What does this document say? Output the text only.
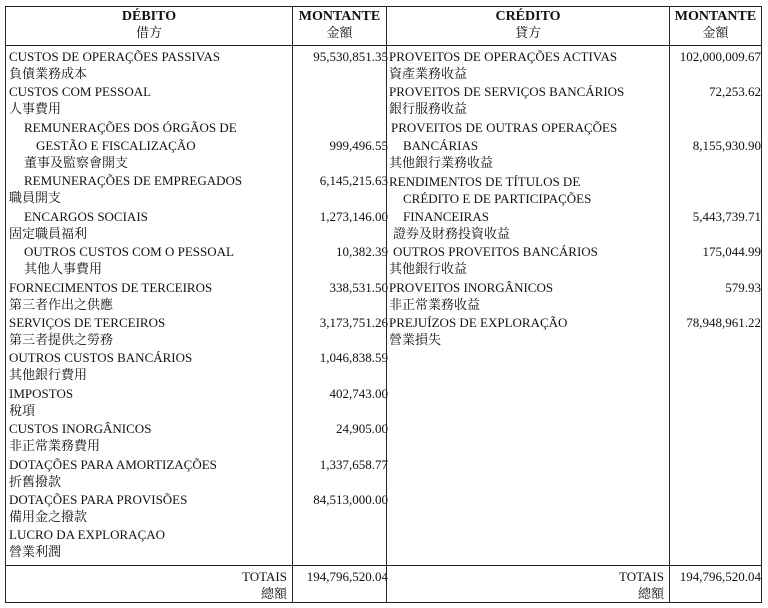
DÉBITO
借方
MONTANTE
金額
CUSTOS DE OPERAÇÕES PASSIVAS
負債業務成本
95,530,851.35
CUSTOS COM PESSOAL
人事費用
REMUNERAÇÕES DOS ÓRGÃOS DE
GESTÃO E FISCALIZAÇÃO
董事及監察會開支
999,496.55
REMUNERAÇÕES DE EMPREGADOS
職員開支
6,145,215.63
ENCARGOS SOCIAIS
固定職員福利
1,273,146.00
OUTROS CUSTOS COM O PESSOAL
其他人事費用
10,382.39
FORNECIMENTOS DE TERCEIROS
第三者作出之供應
338,531.50
SERVIÇOS DE TERCEIROS
第三者提供之勞務
3,173,751.26
OUTROS CUSTOS BANCÁRIOS
其他銀行費用
1,046,838.59
IMPOSTOS
稅項
402,743.00
CUSTOS INORGÂNICOS
非正常業務費用
24,905.00
DOTAÇÕES PARA AMORTIZAÇÕES
折舊撥款
1,337,658.77
DOTAÇÕES PARA PROVISÕES
備用金之撥款
84,513,000.00
LUCRO DA EXPLORAÇAO
營業利潤
TOTAIS
總額
194,796,520.04
CRÉDITO
貸方
MONTANTE
金額
PROVEITOS DE OPERAÇÕES ACTIVAS
資產業務收益
102,000,009.67
PROVEITOS DE SERVIÇOS BANCÁRIOS
銀行服務收益
72,253.62
PROVEITOS DE OUTRAS OPERAÇÕES
BANCÁRIAS
其他銀行業務收益
8,155,930.90
RENDIMENTOS DE TÍTULOS DE
CRÉDITO E DE PARTICIPAÇÕES
FINANCEIRAS
證券及財務投資收益
5,443,739.71
OUTROS PROVEITOS BANCÁRIOS
其他銀行收益
175,044.99
PROVEITOS INORGÂNICOS
非正常業務收益
579.93
PREJUÍZOS DE EXPLORAÇÃO
營業損失
78,948,961.22
TOTAIS
總額
194,796,520.04
